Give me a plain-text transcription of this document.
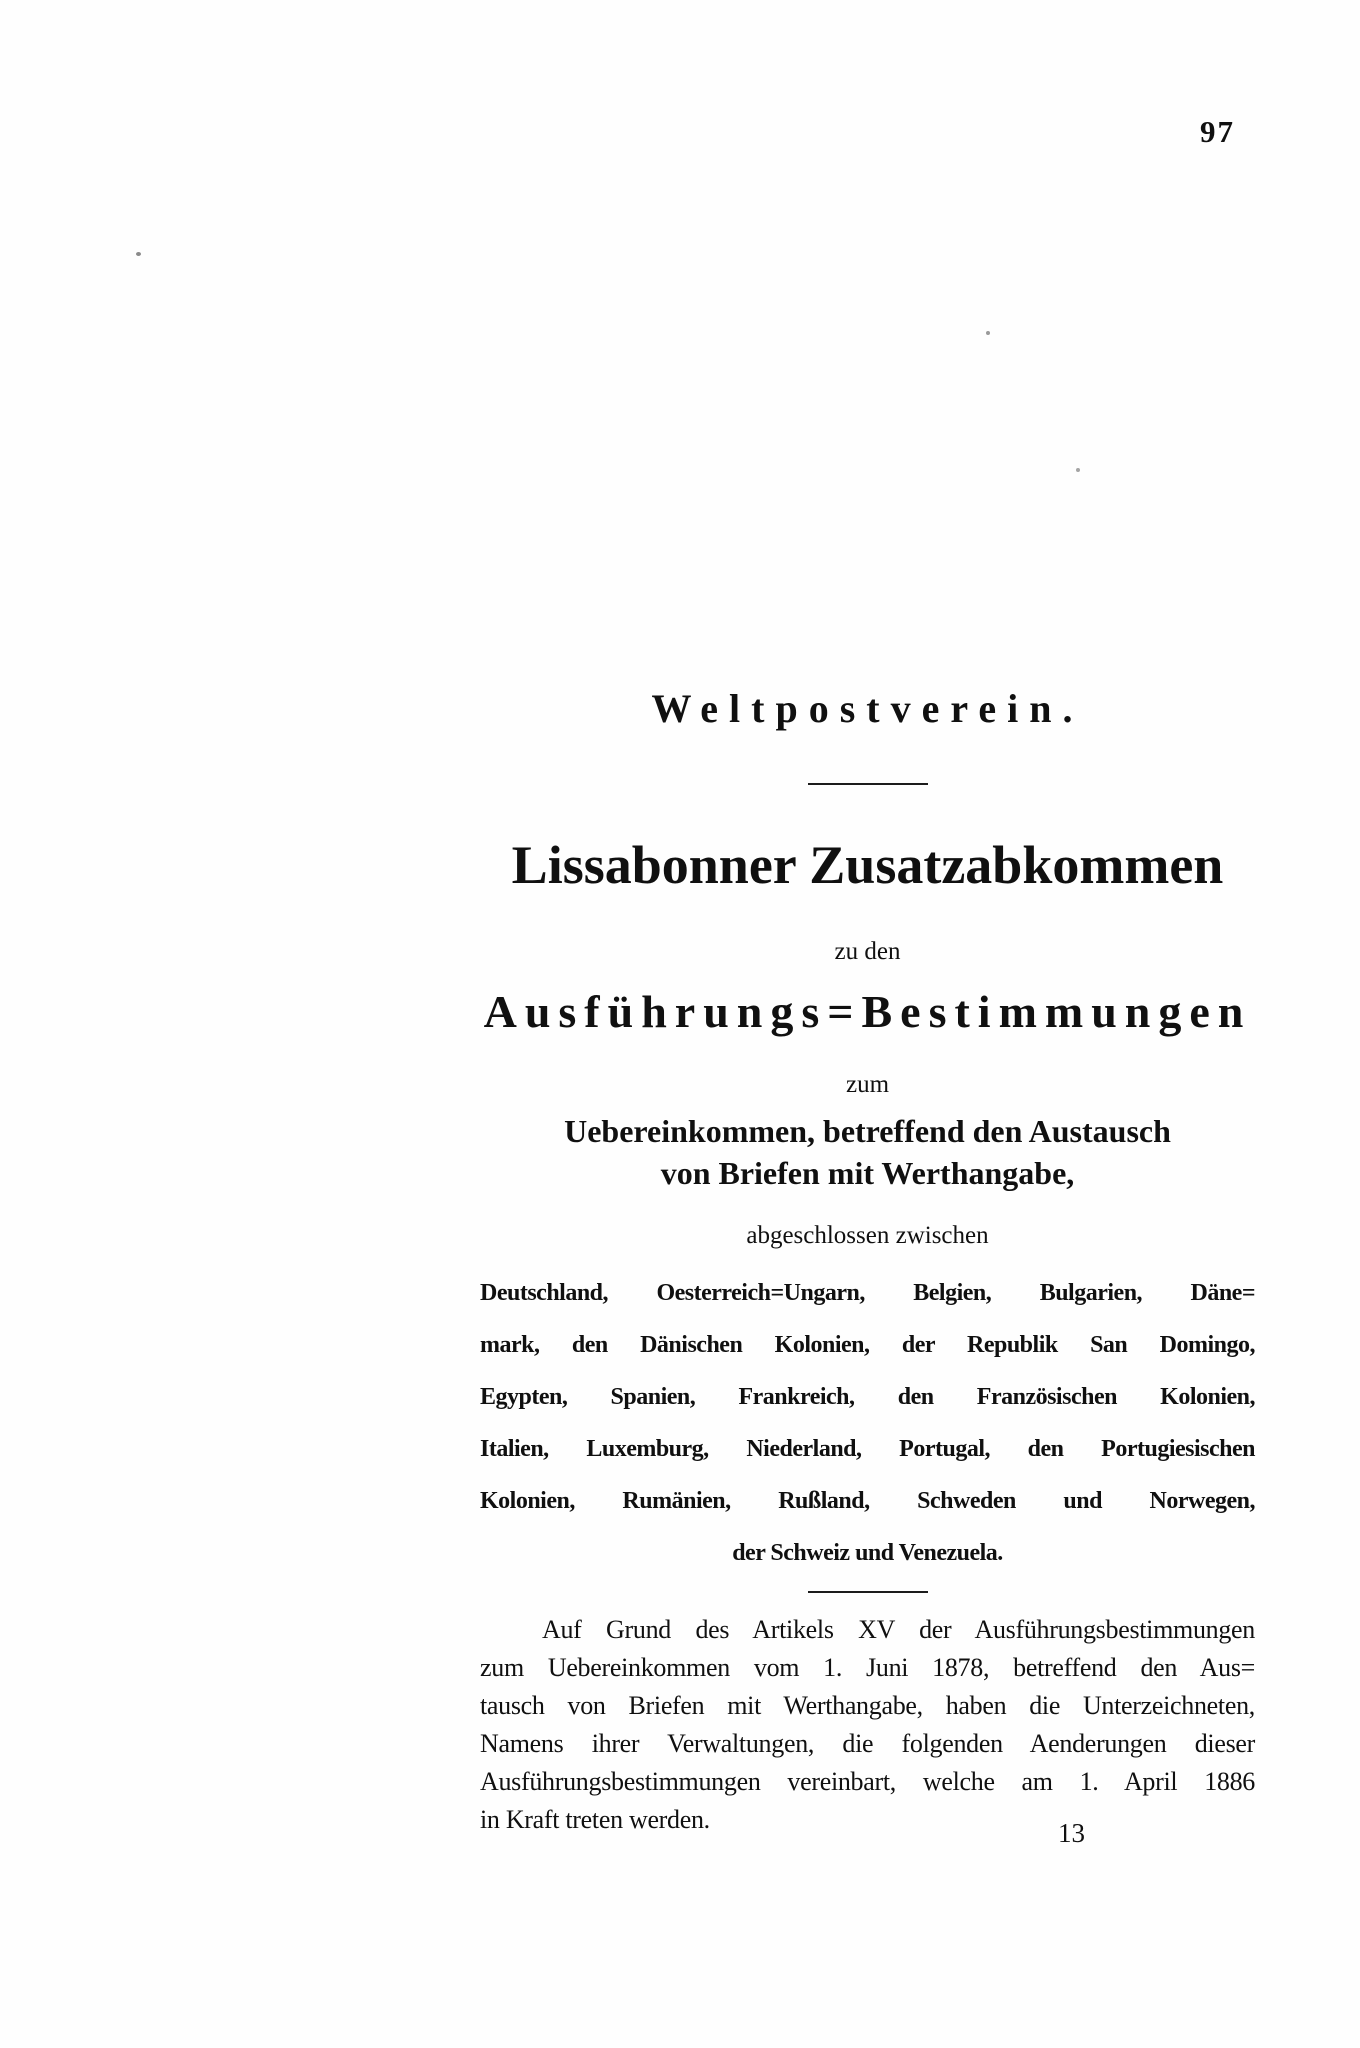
97
Weltpostverein.
Lissabonner Zusatzabkommen
zu den
Ausführungs=Bestimmungen
zum
Uebereinkommen, betreffend den Austausch
von Briefen mit Werthangabe,
abgeschlossen zwischen
Deutschland, Oesterreich=Ungarn, Belgien, Bulgarien, Däne=
mark, den Dänischen Kolonien, der Republik San Domingo,
Egypten, Spanien, Frankreich, den Französischen Kolonien,
Italien, Luxemburg, Niederland, Portugal, den Portugiesischen
Kolonien, Rumänien, Rußland, Schweden und Norwegen,
der Schweiz und Venezuela.
Auf Grund des Artikels XV der Ausführungsbestimmungen
zum Uebereinkommen vom 1. Juni 1878, betreffend den Aus=
tausch von Briefen mit Werthangabe, haben die Unterzeichneten,
Namens ihrer Verwaltungen, die folgenden Aenderungen dieser
Ausführungsbestimmungen vereinbart, welche am 1. April 1886
in Kraft treten werden.	13
